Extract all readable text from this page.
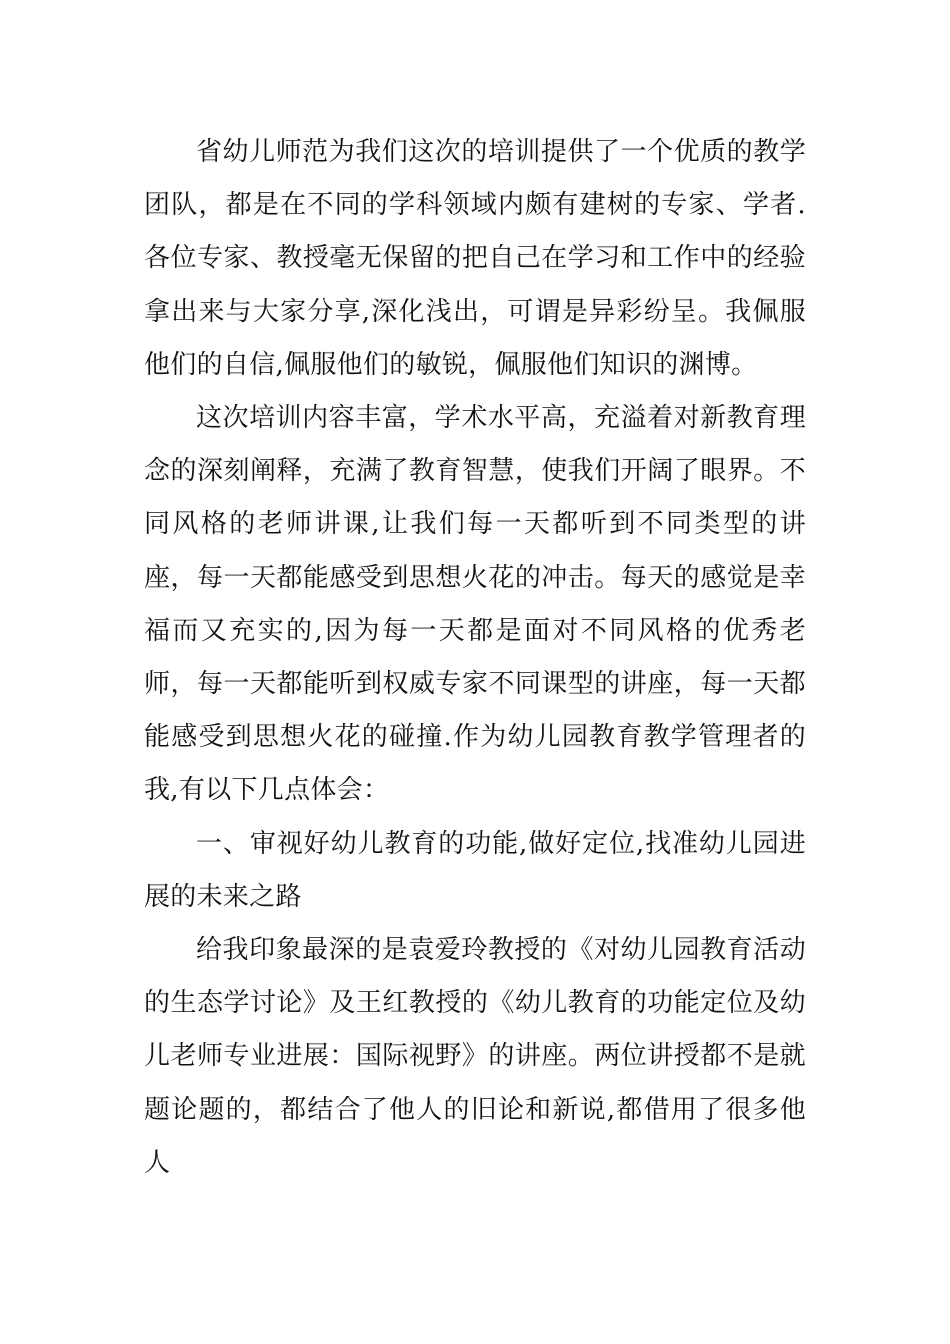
省幼儿师范为我们这次的培训提供了一个优质的教学团队，都是在不同的学科领域内颇有建树的专家、学者.各位专家、教授毫无保留的把自己在学习和工作中的经验拿出来与大家分享,深化浅出，可谓是异彩纷呈。我佩服他们的自信,佩服他们的敏锐，佩服他们知识的渊博。

这次培训内容丰富，学术水平高，充溢着对新教育理念的深刻阐释，充满了教育智慧，使我们开阔了眼界。不同风格的老师讲课,让我们每一天都听到不同类型的讲座，每一天都能感受到思想火花的冲击。每天的感觉是幸福而又充实的,因为每一天都是面对不同风格的优秀老师，每一天都能听到权威专家不同课型的讲座，每一天都能感受到思想火花的碰撞.作为幼儿园教育教学管理者的我,有以下几点体会：

一、审视好幼儿教育的功能,做好定位,找准幼儿园进展的未来之路

给我印象最深的是袁爱玲教授的《对幼儿园教育活动的生态学讨论》及王红教授的《幼儿教育的功能定位及幼儿老师专业进展：国际视野》的讲座。两位讲授都不是就题论题的，都结合了他人的旧论和新说,都借用了很多他人
